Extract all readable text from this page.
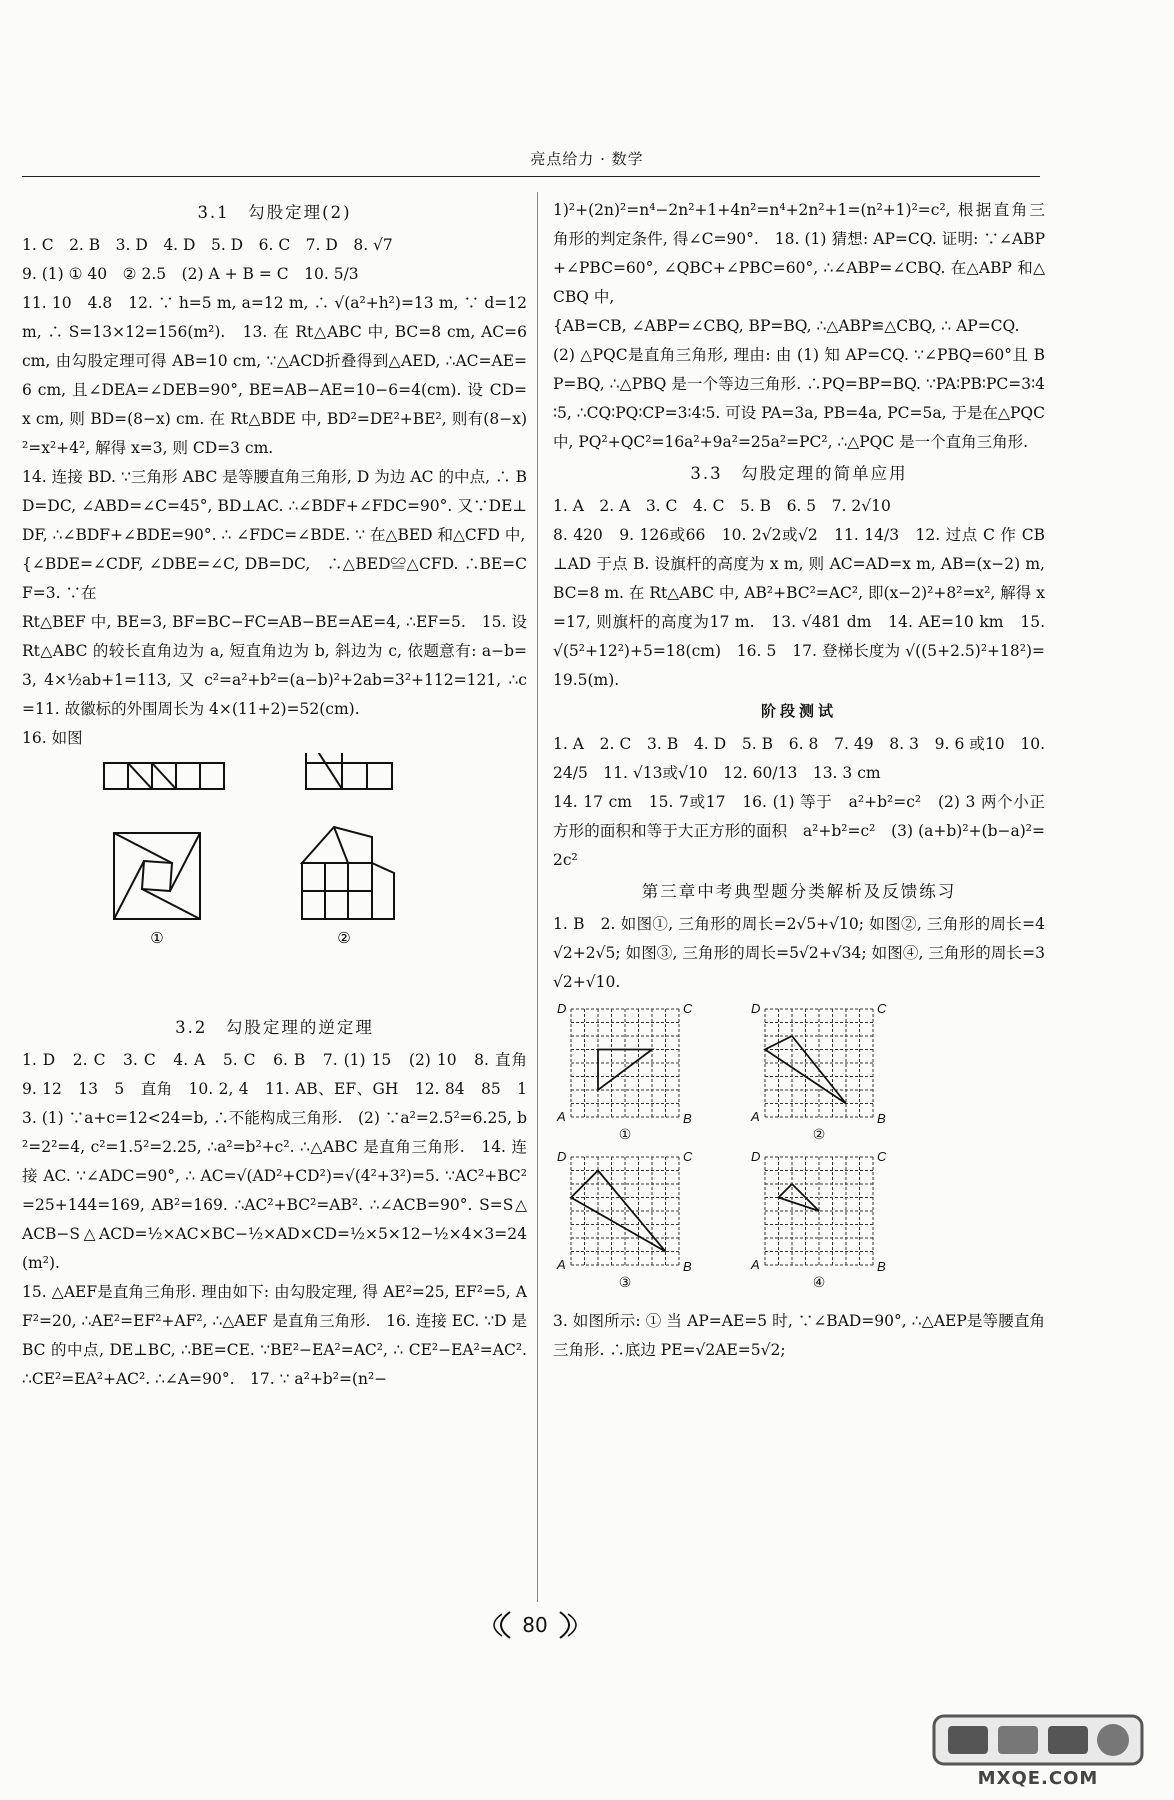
亮点给力 · 数学

3.1　勾股定理(2)

1. C　2. B　3. D　4. D　5. D　6. C　7. D　8. √7

9. (1) ① 40　② 2.5　(2) A + B = C　10. 5/3

11. 10　4.8　12. ∵ h=5 m, a=12 m, ∴ √(a²+h²)=13 m, ∵ d=12 m, ∴ S=13×12=156(m²).　13. 在 Rt△ABC 中, BC=8 cm, AC=6 cm, 由勾股定理可得 AB=10 cm, ∵△ACD折叠得到△AED, ∴AC=AE=6 cm, 且∠DEA=∠DEB=90°, BE=AB−AE=10−6=4(cm). 设 CD=x cm, 则 BD=(8−x) cm. 在 Rt△BDE 中, BD²=DE²+BE², 则有(8−x)²=x²+4², 解得 x=3, 则 CD=3 cm.

14. 连接 BD. ∵三角形 ABC 是等腰直角三角形, D 为边 AC 的中点, ∴ BD=DC, ∠ABD=∠C=45°, BD⊥AC. ∴∠BDF+∠FDC=90°. 又∵DE⊥DF, ∴∠BDF+∠BDE=90°. ∴ ∠FDC=∠BDE. ∵ 在△BED 和△CFD 中,

{∠BDE=∠CDF, ∠DBE=∠C, DB=DC,　∴△BED≌△CFD. ∴BE=CF=3. ∵在

Rt△BEF 中, BE=3, BF=BC−FC=AB−BE=AE=4, ∴EF=5.　15. 设 Rt△ABC 的较长直角边为 a, 短直角边为 b, 斜边为 c, 依题意有: a−b=3, 4×½ab+1=113, 又 c²=a²+b²=(a−b)²+2ab=3²+112=121, ∴c=11. 故徽标的外围周长为 4×(11+2)=52(cm).

16. 如图

①	②

3.2　勾股定理的逆定理

1. D　2. C　3. C　4. A　5. C　6. B　7. (1) 15　(2) 10　8. 直角　9. 12　13　5　直角　10. 2, 4　11. AB、EF、GH　12. 84　85　13. (1) ∵a+c=12<24=b, ∴不能构成三角形.　(2) ∵a²=2.5²=6.25, b²=2²=4, c²=1.5²=2.25, ∴a²=b²+c². ∴△ABC 是直角三角形.　14. 连接 AC. ∵∠ADC=90°, ∴ AC=√(AD²+CD²)=√(4²+3²)=5. ∵AC²+BC²=25+144=169, AB²=169. ∴AC²+BC²=AB². ∴∠ACB=90°. S=S△ACB−S△ACD=½×AC×BC−½×AD×CD=½×5×12−½×4×3=24(m²).

15. △AEF是直角三角形. 理由如下: 由勾股定理, 得 AE²=25, EF²=5, AF²=20, ∴AE²=EF²+AF², ∴△AEF 是直角三角形.　16. 连接 EC. ∵D 是 BC 的中点, DE⊥BC, ∴BE=CE. ∵BE²−EA²=AC², ∴ CE²−EA²=AC². ∴CE²=EA²+AC². ∴∠A=90°.　17. ∵ a²+b²=(n²−

1)²+(2n)²=n⁴−2n²+1+4n²=n⁴+2n²+1=(n²+1)²=c², 根据直角三角形的判定条件, 得∠C=90°.　18. (1) 猜想: AP=CQ. 证明: ∵∠ABP+∠PBC=60°, ∠QBC+∠PBC=60°, ∴∠ABP=∠CBQ. 在△ABP 和△CBQ 中,

{AB=CB, ∠ABP=∠CBQ, BP=BQ, ∴△ABP≌△CBQ, ∴ AP=CQ.

(2) △PQC是直角三角形, 理由: 由 (1) 知 AP=CQ. ∵∠PBQ=60°且 BP=BQ, ∴△PBQ 是一个等边三角形. ∴PQ=BP=BQ. ∵PA∶PB∶PC=3∶4∶5, ∴CQ∶PQ∶CP=3∶4∶5. 可设 PA=3a, PB=4a, PC=5a, 于是在△PQC 中, PQ²+QC²=16a²+9a²=25a²=PC², ∴△PQC 是一个直角三角形.

3.3　勾股定理的简单应用

1. A　2. A　3. C　4. C　5. B　6. 5　7. 2√10

8. 420　9. 126或66　10. 2√2或√2　11. 14/3　12. 过点 C 作 CB⊥AD 于点 B. 设旗杆的高度为 x m, 则 AC=AD=x m, AB=(x−2) m, BC=8 m. 在 Rt△ABC 中, AB²+BC²=AC², 即(x−2)²+8²=x², 解得 x=17, 则旗杆的高度为17 m.　13. √481 dm　14. AE=10 km　15. √(5²+12²)+5=18(cm)　16. 5　17. 登梯长度为 √((5+2.5)²+18²)=19.5(m).

阶段测试

1. A　2. C　3. B　4. D　5. B　6. 8　7. 49　8. 3　9. 6 或10　10. 24/5　11. √13或√10　12. 60/13　13. 3 cm

14. 17 cm　15. 7或17　16. (1) 等于　a²+b²=c²　(2) 3 两个小正方形的面积和等于大正方形的面积　a²+b²=c²　(3) (a+b)²+(b−a)²=2c²

第三章中考典型题分类解析及反馈练习

1. B　2. 如图①, 三角形的周长=2√5+√10; 如图②, 三角形的周长=4√2+2√5; 如图③, 三角形的周长=5√2+√34; 如图④, 三角形的周长=3√2+√10.

D	C
A	B
①
D	C
A	B
②
D	C
A	B
③
D	C
A	B
④

3. 如图所示: ① 当 AP=AE=5 时, ∵∠BAD=90°, ∴△AEP是等腰直角三角形. ∴底边 PE=√2AE=5√2;

80
MXQE.COM
